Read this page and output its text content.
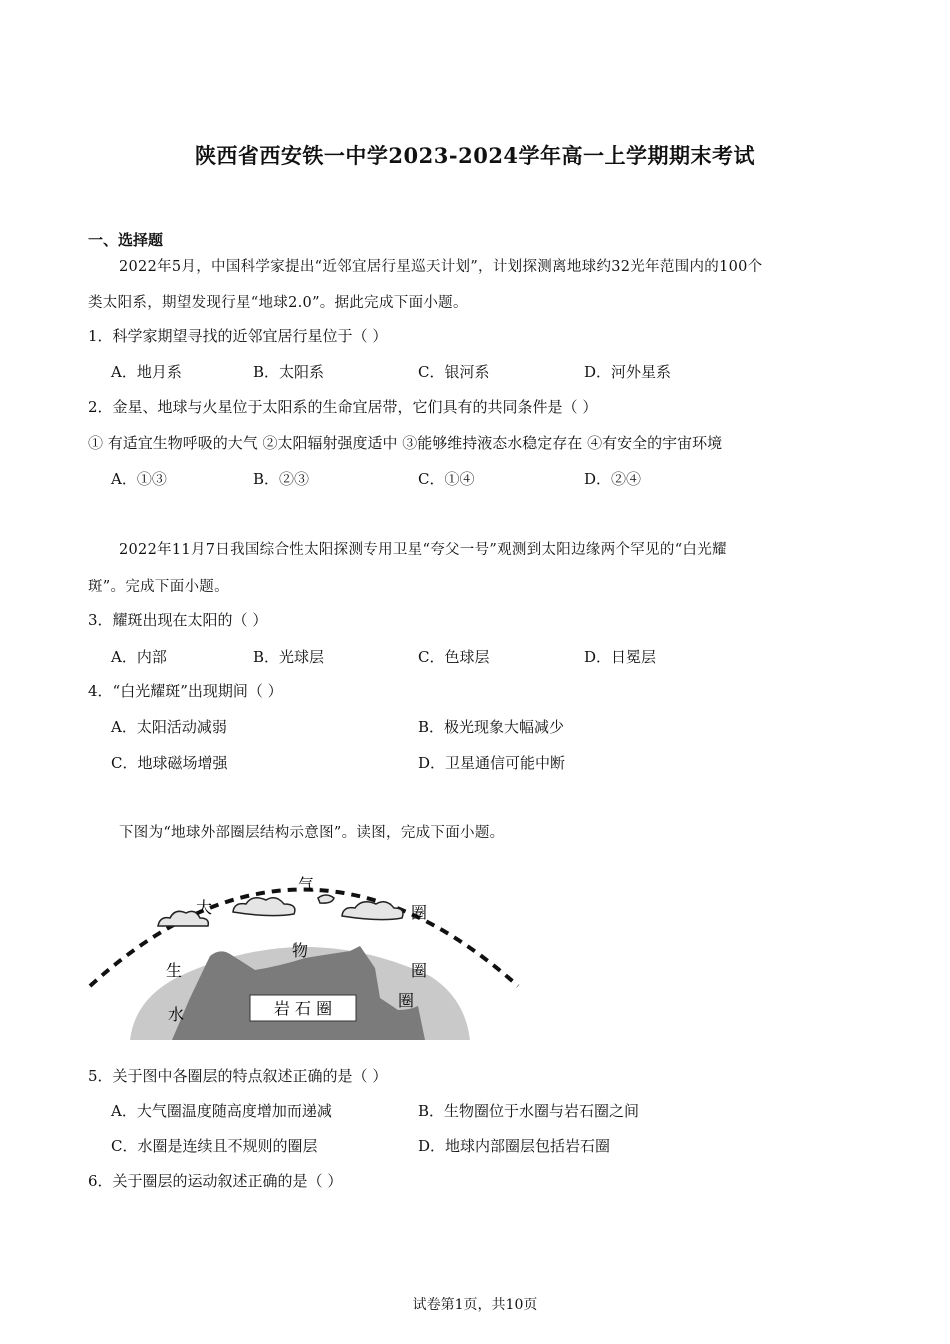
陕西省西安铁一中学2023-2024学年高一上学期期末考试
一、选择题
2022年5月，中国科学家提出“近邻宜居行星巡天计划”，计划探测离地球约32光年范围内的100个
类太阳系，期望发现行星“地球2.0”。据此完成下面小题。
1．科学家期望寻找的近邻宜居行星位于（ ）
A．地月系	B．太阳系	C．银河系	D．河外星系
2．金星、地球与火星位于太阳系的生命宜居带，它们具有的共同条件是（ ）
① 有适宜生物呼吸的大气 ②太阳辐射强度适中 ③能够维持液态水稳定存在 ④有安全的宇宙环境
A．①③	B．②③	C．①④	D．②④
2022年11月7日我国综合性太阳探测专用卫星“夸父一号”观测到太阳边缘两个罕见的“白光耀
斑”。完成下面小题。
3．耀斑出现在太阳的（ ）
A．内部	B．光球层	C．色球层	D．日冕层
4．“白光耀斑”出现期间（ ）
A．太阳活动减弱	B．极光现象大幅减少
C．地球磁场增强	D．卫星通信可能中断
下图为“地球外部圈层结构示意图”。读图，完成下面小题。
大
气
圈
生
物
圈
水
圈
岩 石 圈
5．关于图中各圈层的特点叙述正确的是（ ）
A．大气圈温度随高度增加而递减	B．生物圈位于水圈与岩石圈之间
C．水圈是连续且不规则的圈层	D．地球内部圈层包括岩石圈
6．关于圈层的运动叙述正确的是（ ）
试卷第1页，共10页
